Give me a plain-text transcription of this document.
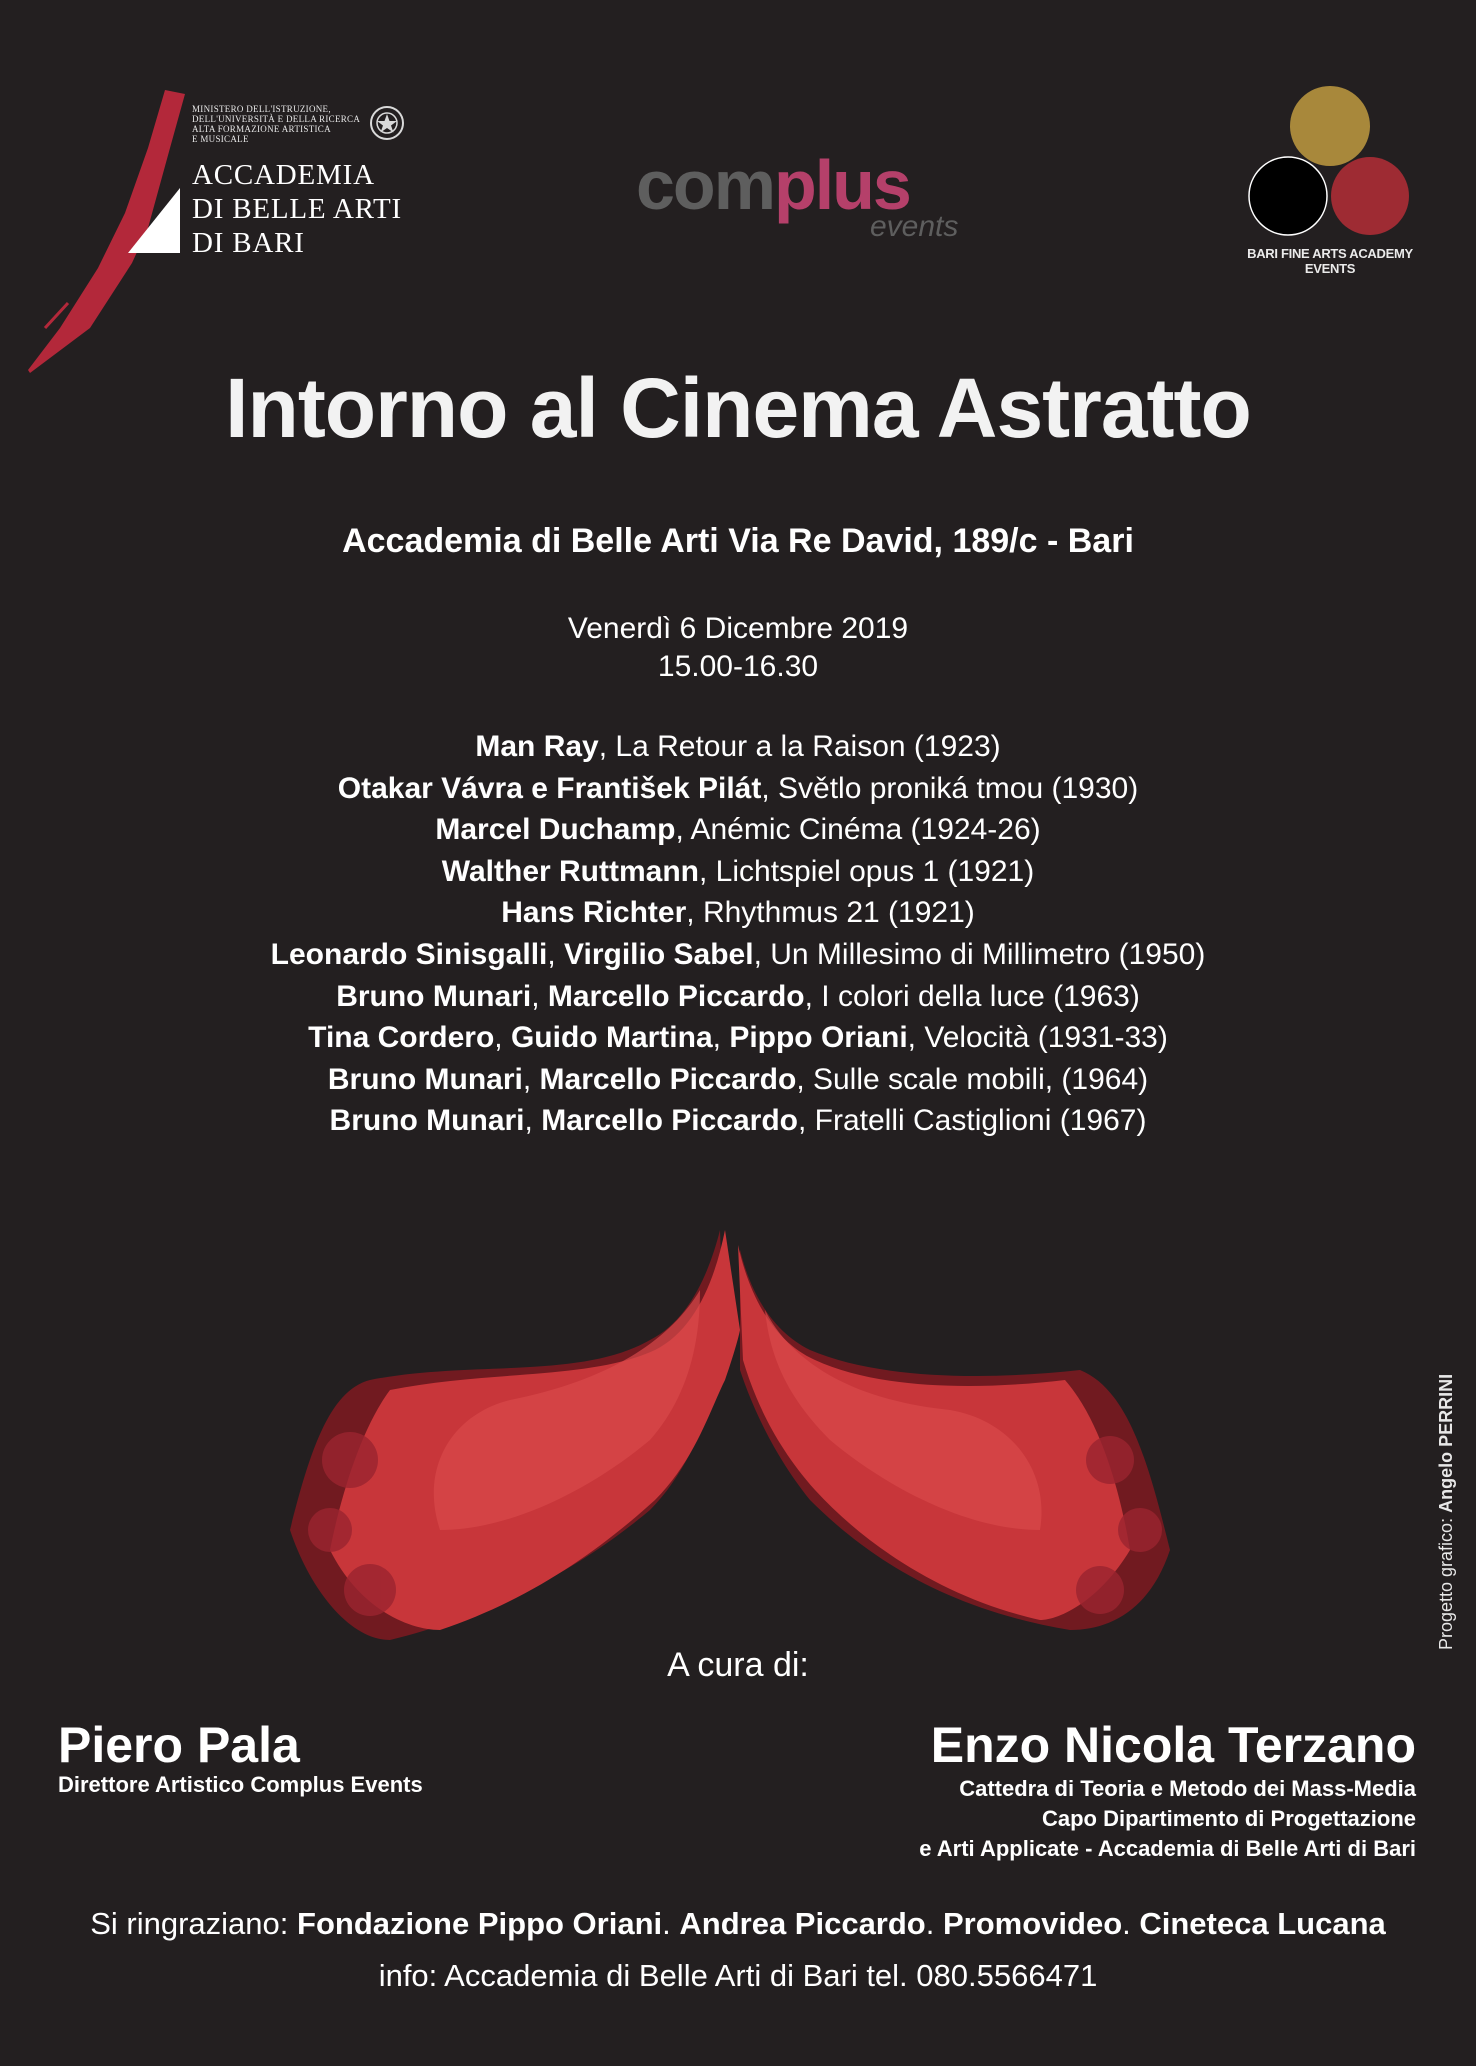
MINISTERO DELL'ISTRUZIONE,
DELL'UNIVERSITÀ E DELLA RICERCA
ALTA FORMAZIONE ARTISTICA
E MUSICALE
ACCADEMIA
DI BELLE ARTI
DI BARI
complus
events
BARI FINE ARTS ACADEMY
EVENTS
Intorno al Cinema Astratto
Accademia di Belle Arti Via Re David, 189/c - Bari
Venerdì 6 Dicembre 2019
15.00-16.30
Man Ray, La Retour a la Raison (1923)
Otakar Vávra e František Pilát, Světlo proniká tmou (1930)
Marcel Duchamp, Anémic Cinéma (1924-26)
Walther Ruttmann, Lichtspiel opus 1 (1921)
Hans Richter, Rhythmus 21 (1921)
Leonardo Sinisgalli, Virgilio Sabel, Un Millesimo di Millimetro (1950)
Bruno Munari, Marcello Piccardo, I colori della luce (1963)
Tina Cordero, Guido Martina, Pippo Oriani, Velocità (1931-33)
Bruno Munari, Marcello Piccardo, Sulle scale mobili, (1964)
Bruno Munari, Marcello Piccardo, Fratelli Castiglioni (1967)
A cura di:
Piero Pala
Direttore Artistico Complus Events
Enzo Nicola Terzano
Cattedra di Teoria e Metodo dei Mass-Media
Capo Dipartimento di Progettazione
e Arti Applicate - Accademia di Belle Arti di Bari
Si ringraziano: Fondazione Pippo Oriani. Andrea Piccardo. Promovideo. Cineteca Lucana
info: Accademia di Belle Arti di Bari tel. 080.5566471
Progetto grafico: Angelo PERRINI
